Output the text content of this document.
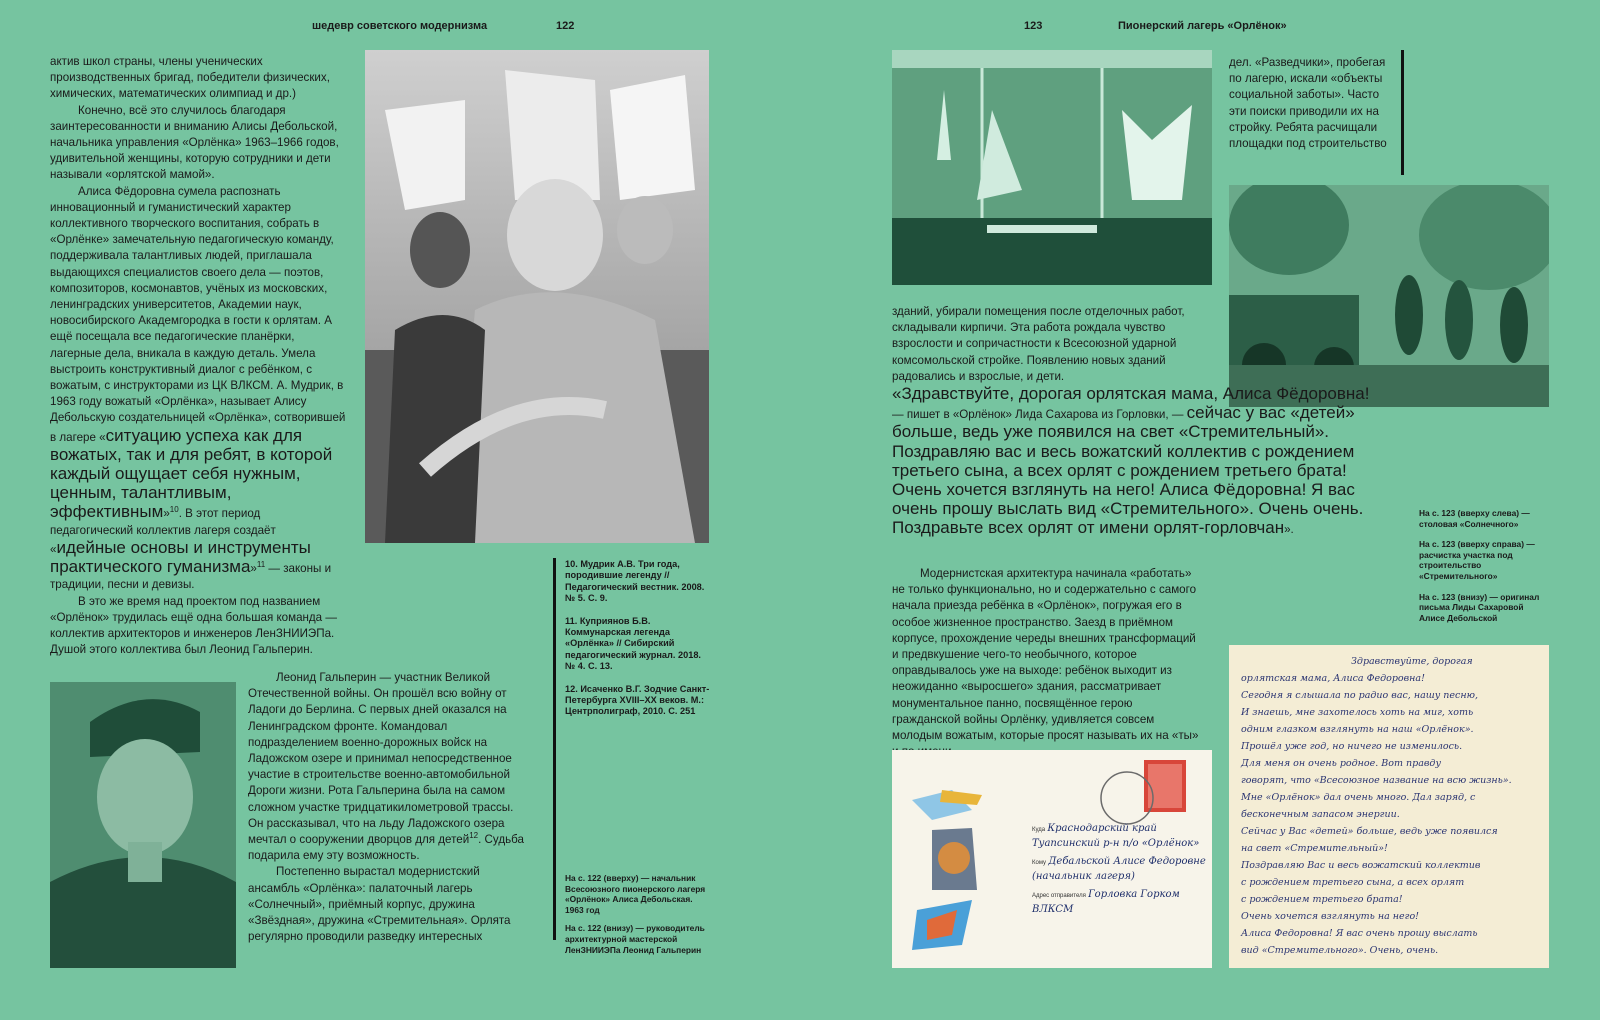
шедевр советского модернизма	122

актив школ страны, члены ученических производственных бригад, победители физических, химических, математических олимпиад и др.)

Конечно, всё это случилось благодаря заинтересованности и вниманию Алисы Дебольской, начальника управления «Орлёнка» 1963–1966 годов, удивительной женщины, которую сотрудники и дети называли «орлятской мамой».

Алиса Фёдоровна сумела распознать инновационный и гуманистический характер коллективного творческого воспитания, собрать в «Орлёнке» замечательную педагогическую команду, поддерживала талантливых людей, приглашала выдающихся специалистов своего дела — поэтов, композиторов, космонавтов, учёных из московских, ленинградских университетов, Академии наук, новосибирского Академгородка в гости к орлятам. А ещё посещала все педагогические планёрки, лагерные дела, вникала в каждую деталь. Умела выстроить конструктивный диалог с ребёнком, с вожатым, с инструкторами из ЦК ВЛКСМ. А. Мудрик, в 1963 году вожатый «Орлёнка», называет Алису Дебольскую создательницей «Орлёнка», сотворившей в лагере «ситуацию успеха как для вожатых, так и для ребят, в которой каждый ощущает себя нужным, ценным, талантливым, эффективным»$^{10}$. В этот период педагогический коллектив лагеря создаёт «идейные основы и инструменты практического гуманизма»$^{11}$ — законы и традиции, песни и девизы.

В это же время над проектом под названием «Орлёнок» трудилась ещё одна большая команда — коллектив архитекторов и инженеров ЛенЗНИИЭПа. Душой этого коллектива был Леонид Гальперин.

10. Мудрик А.В. Три года, породившие легенду // Педагогический вестник. 2008. № 5. С. 9.

11. Куприянов Б.В. Коммунарская легенда «Орлёнка» // Сибирский педагогический журнал. 2018. № 4. С. 13.

12. Исаченко В.Г. Зодчие Санкт-Петербурга XVIII–XX веков. М.: Центрполиграф, 2010. С. 251

На с. 122 (вверху) — начальник Всесоюзного пионерского лагеря «Орлёнок» Алиса Дебольская. 1963 год

На с. 122 (внизу) — руководитель архитектурной мастерской ЛенЗНИИЭПа Леонид Гальперин

Леонид Гальперин — участник Великой Отечественной войны. Он прошёл всю войну от Ладоги до Берлина. С первых дней оказался на Ленинградском фронте. Командовал подразделением военно-дорожных войск на Ладожском озере и принимал непосредственное участие в строительстве военно-автомобильной Дороги жизни. Рота Гальперина была на самом сложном участке тридцатикилометровой трассы. Он рассказывал, что на льду Ладожского озера мечтал о сооружении дворцов для детей$^{12}$. Судьба подарила ему эту возможность.

Постепенно вырастал модернистский ансамбль «Орлёнка»: палаточный лагерь «Солнечный», приёмный корпус, дружина «Звёздная», дружина «Стремительная». Орлята регулярно проводили разведку интересных

123	Пионерский лагерь «Орлёнок»
дел. «Разведчики», пробегая по лагерю, искали «объекты социальной заботы». Часто эти поиски приводили их на стройку. Ребята расчищали площадки под строительство
зданий, убирали помещения после отделочных работ, складывали кирпичи. Эта работа рождала чувство взрослости и сопричастности к Всесоюзной ударной комсомольской стройке. Появлению новых зданий радовались и взрослые, и дети.

«Здравствуйте, дорогая орлятская мама, Алиса Фёдоровна! — пишет в «Орлёнок» Лида Сахарова из Горловки, — сейчас у вас «детей» больше, ведь уже появился на свет «Стремительный». Поздравляю вас и весь вожатский коллектив с рождением третьего сына, а всех орлят с рождением третьего брата! Очень хочется взглянуть на него! Алиса Фёдоровна! Я вас очень прошу выслать вид «Стремительного». Очень очень. Поздравьте всех орлят от имени орлят-горловчан».

Модернистская архитектура начинала «работать» не только функционально, но и содержательно с самого начала приезда ребёнка в «Орлёнок», погружая его в особое жизненное пространство. Заезд в приёмном корпусе, прохождение череды внешних трансформаций и предвкушение чего-то необычного, которое оправдывалось уже на выходе: ребёнок выходит из неожиданно «выросшего» здания, рассматривает монументальное панно, посвящённое герою гражданской войны Орлёнку, удивляется совсем молодым вожатым, которые просят называть их на «ты»

На с. 123 (вверху слева) — столовая «Солнечного»

На с. 123 (вверху справа) — расчистка участка под строительство «Стремительного»

На с. 123 (внизу) — оригинал письма Лиды Сахаровой Алисе Дебольской

Куда Краснодарский край Туапсинский р-н п/о «Орлёнок»
Кому Дебальской Алисе Федоровне (начальник лагеря)
Адрес отправителя Горловка Горком ВЛКСМ
Здравствуйте, дорогая
орлятская мама, Алиса Федоровна!
Сегодня я слышала по радио вас, нашу песню,
И знаешь, мне захотелось хоть на миг, хоть
одним глазком взглянуть на наш «Орлёнок».
Прошёл уже год, но ничего не изменилось.
Для меня он очень родное. Вот правду
говорят, что «Всесоюзное название на всю жизнь».
Мне «Орлёнок» дал очень много. Дал заряд, с
бесконечным запасом энергии.
Сейчас у Вас «детей» больше, ведь уже появился
на свет «Стремительный»!
Поздравляю Вас и весь вожатский коллектив
с рождением третьего сына, а всех орлят
с рождением третьего брата!
Очень хочется взглянуть на него!
Алиса Федоровна! Я вас очень прошу выслать
вид «Стремительного». Очень, очень.
